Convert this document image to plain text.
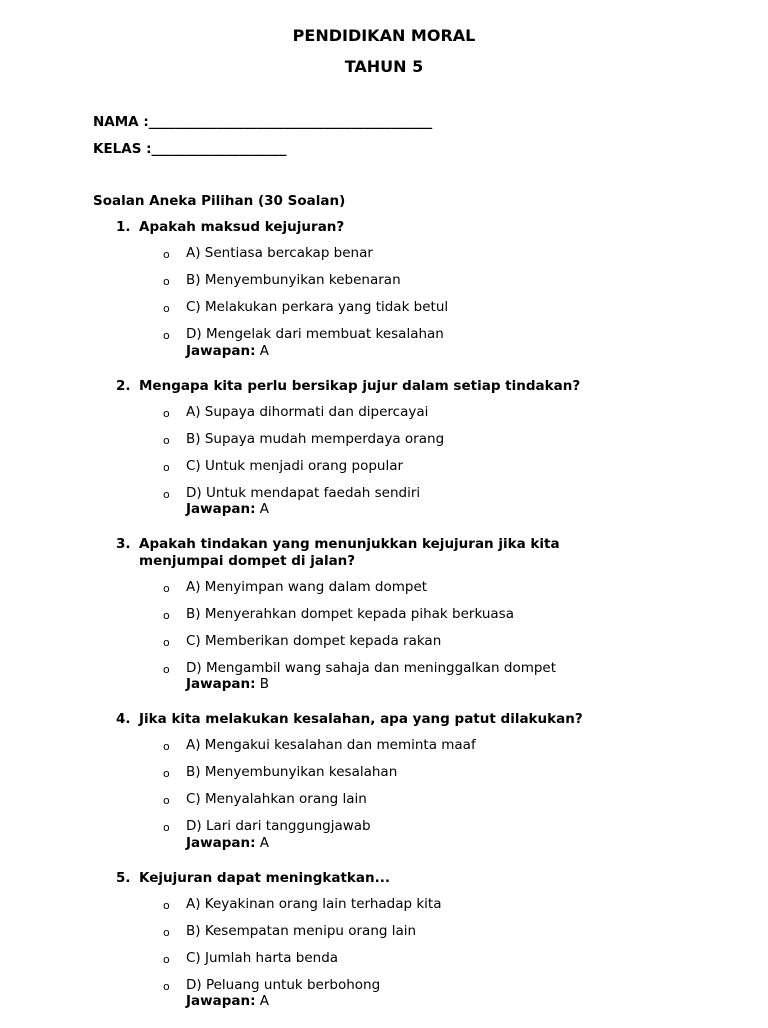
PENDIDIKAN MORAL
TAHUN 5
NAMA :__________________________________________
KELAS :____________________
Soalan Aneka Pilihan (30 Soalan)
1. Apakah maksud kejujuran?
o A) Sentiasa bercakap benar
o B) Menyembunyikan kebenaran
o C) Melakukan perkara yang tidak betul
o D) Mengelak dari membuat kesalahan
Jawapan: A
2. Mengapa kita perlu bersikap jujur dalam setiap tindakan?
o A) Supaya dihormati dan dipercayai
o B) Supaya mudah memperdaya orang
o C) Untuk menjadi orang popular
o D) Untuk mendapat faedah sendiri
Jawapan: A
3. Apakah tindakan yang menunjukkan kejujuran jika kita menjumpai dompet di jalan?
o A) Menyimpan wang dalam dompet
o B) Menyerahkan dompet kepada pihak berkuasa
o C) Memberikan dompet kepada rakan
o D) Mengambil wang sahaja dan meninggalkan dompet
Jawapan: B
4. Jika kita melakukan kesalahan, apa yang patut dilakukan?
o A) Mengakui kesalahan dan meminta maaf
o B) Menyembunyikan kesalahan
o C) Menyalahkan orang lain
o D) Lari dari tanggungjawab
Jawapan: A
5. Kejujuran dapat meningkatkan...
o A) Keyakinan orang lain terhadap kita
o B) Kesempatan menipu orang lain
o C) Jumlah harta benda
o D) Peluang untuk berbohong
Jawapan: A
